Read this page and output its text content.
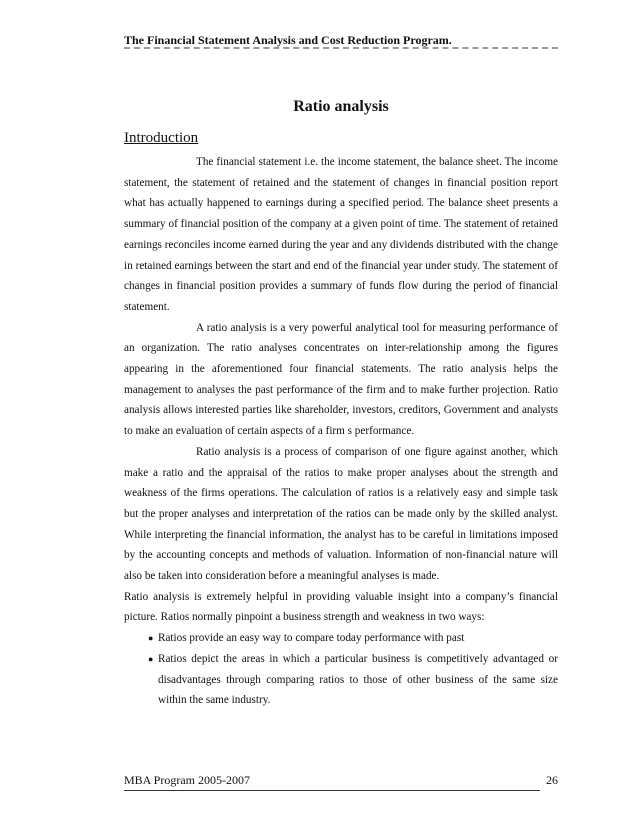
The Financial Statement Analysis and Cost Reduction Program.
Ratio analysis
Introduction

The financial statement i.e. the income statement, the balance sheet. The income statement, the statement of retained and the statement of changes in financial position report what has actually happened to earnings during a specified period. The balance sheet presents a summary of financial position of the company at a given point of time. The statement of retained earnings reconciles income earned during the year and any dividends distributed with the change in retained earnings between the start and end of the financial year under study. The statement of changes in financial position provides a summary of funds flow during the period of financial statement.

A ratio analysis is a very powerful analytical tool for measuring performance of an organization. The ratio analyses concentrates on inter-relationship among the figures appearing in the aforementioned four financial statements. The ratio analysis helps the management to analyses the past performance of the firm and to make further projection. Ratio analysis allows interested parties like shareholder, investors, creditors, Government and analysts to make an evaluation of certain aspects of a firm s performance.

Ratio analysis is a process of comparison of one figure against another, which make a ratio and the appraisal of the ratios to make proper analyses about the strength and weakness of the firms operations. The calculation of ratios is a relatively easy and simple task but the proper analyses and interpretation of the ratios can be made only by the skilled analyst. While interpreting the financial information, the analyst has to be careful in limitations imposed by the accounting concepts and methods of valuation. Information of non-financial nature will also be taken into consideration before a meaningful analyses is made.

Ratio analysis is extremely helpful in providing valuable insight into a company’s financial picture. Ratios normally pinpoint a business strength and weakness in two ways:

● Ratios provide an easy way to compare today performance with past
● Ratios depict the areas in which a particular business is competitively advantaged or disadvantages through comparing ratios to those of other business of the same size within the same industry.
MBA Program 2005-2007	26
